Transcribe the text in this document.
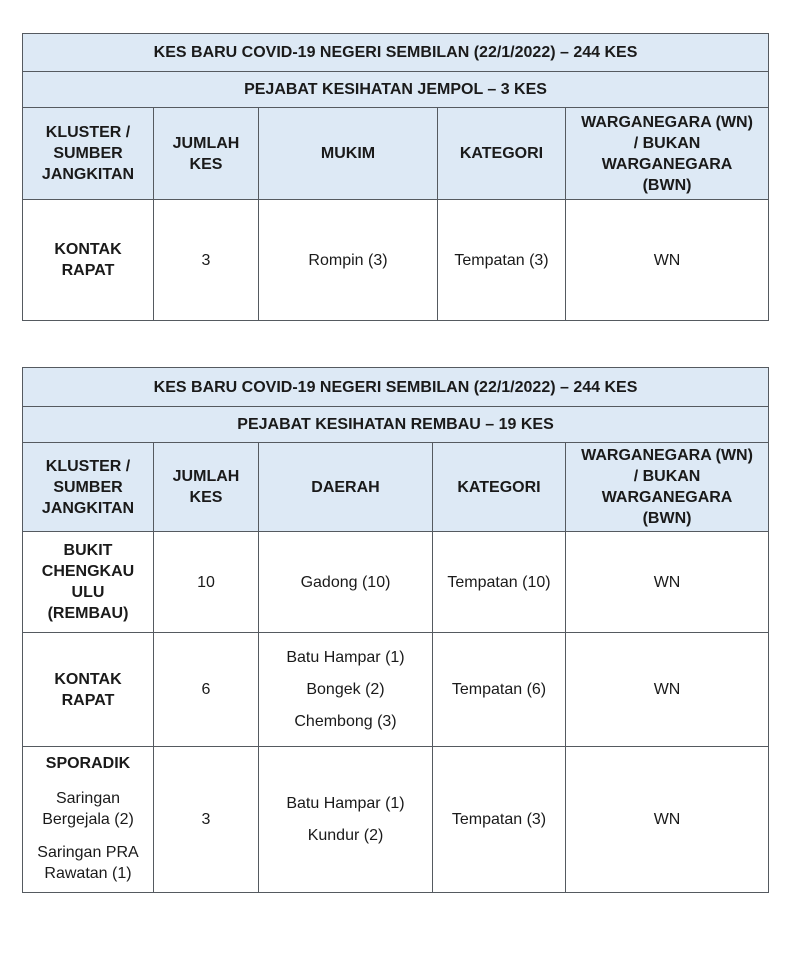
KES BARU COVID-19 NEGERI SEMBILAN (22/1/2022) – 244 KES				
PEJABAT KESIHATAN JEMPOL – 3 KES				

KLUSTER /
SUMBER
JANGKITAN	JUMLAH
KES	MUKIM	KATEGORI	WARGANEGARA (WN)
/ BUKAN
WARGANEGARA
(BWN)

KONTAK
RAPAT	3	Rompin (3)	Tempatan (3)	WN
KES BARU COVID-19 NEGERI SEMBILAN (22/1/2022) – 244 KES				
PEJABAT KESIHATAN REMBAU – 19 KES				

KLUSTER /
SUMBER
JANGKITAN	JUMLAH
KES	DAERAH	KATEGORI	WARGANEGARA (WN)
/ BUKAN
WARGANEGARA
(BWN)

BUKIT
CHENGKAU
ULU
(REMBAU)	10	Gadong (10)	Tempatan (10)	WN

KONTAK
RAPAT	6	Batu Hampar (1)
Bongek (2)
Chembong (3)	Tempatan (6)	WN

SPORADIK
Saringan
Bergejala (2)
Saringan PRA
Rawatan (1)	3	Batu Hampar (1)
Kundur (2)	Tempatan (3)	WN
